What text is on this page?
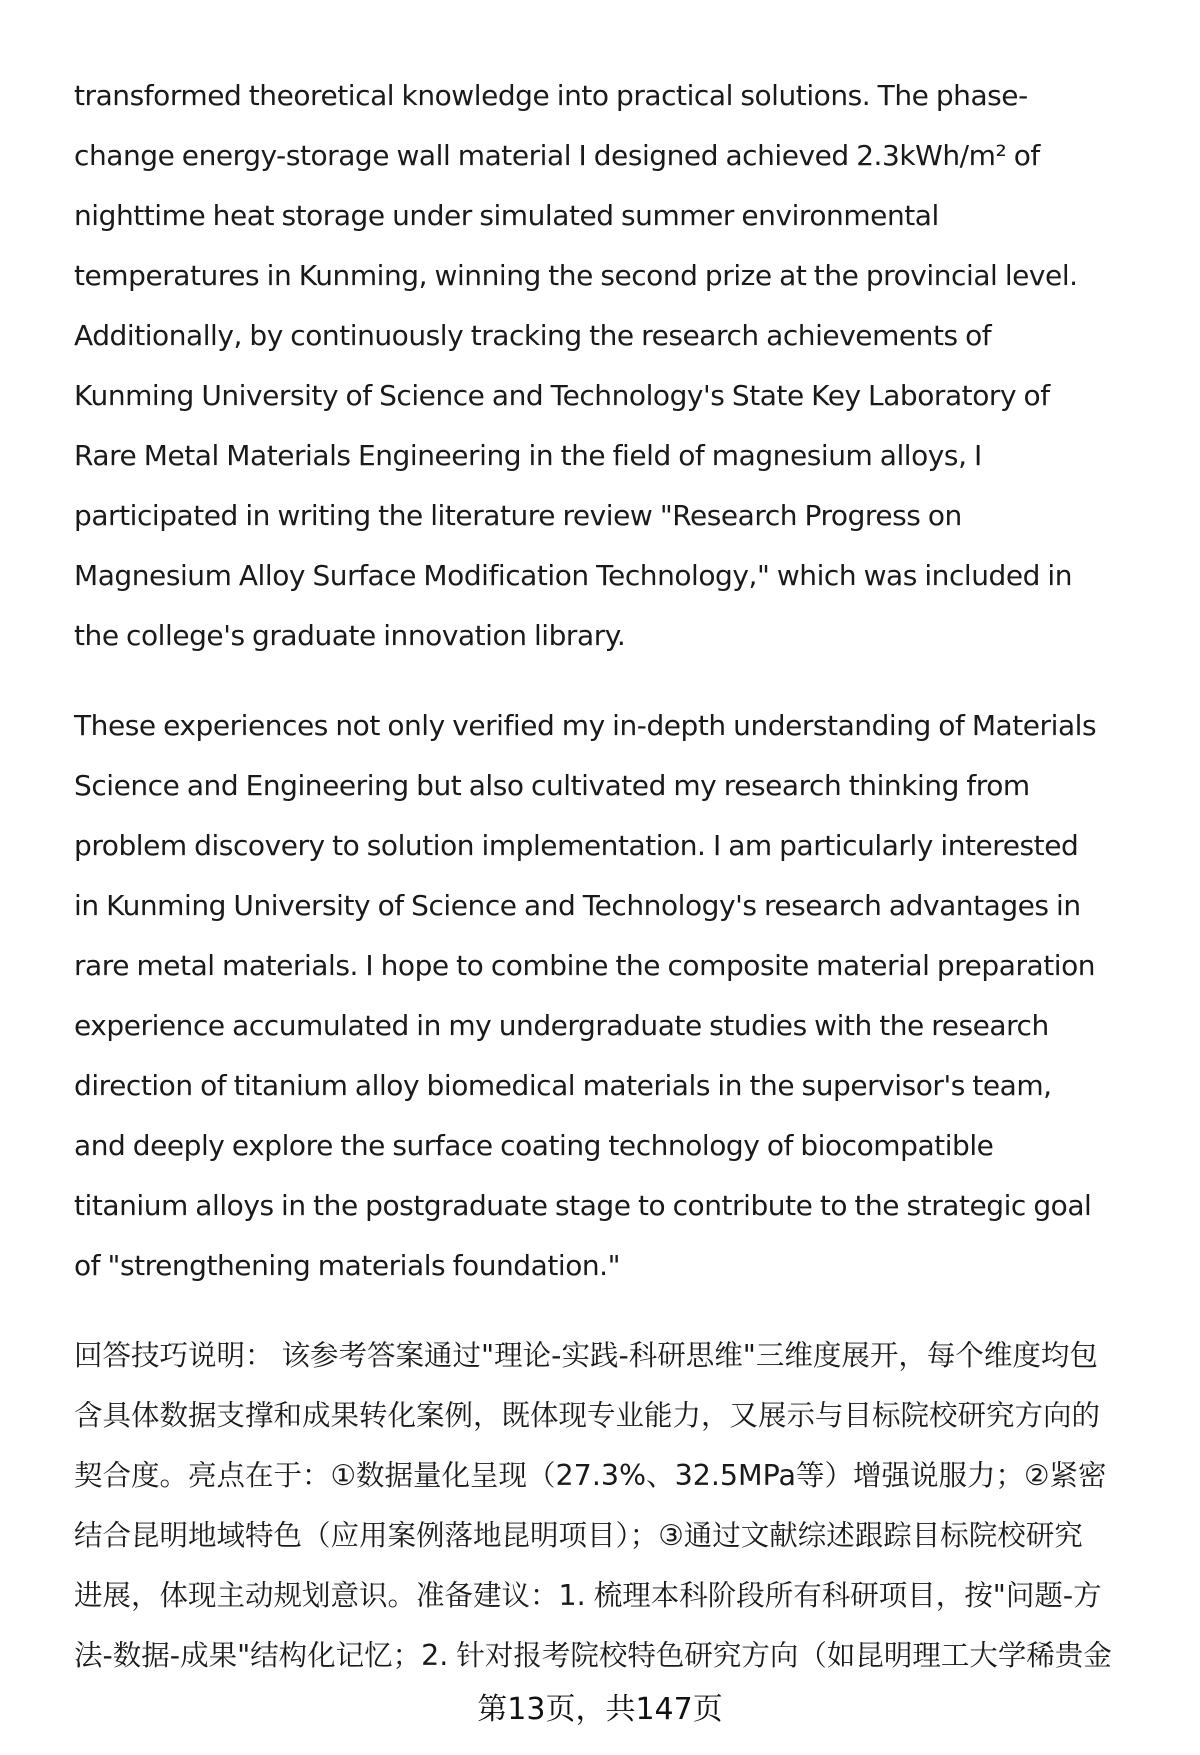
transformed theoretical knowledge into practical solutions. The phase-
change energy-storage wall material I designed achieved 2.3kWh/m² of
nighttime heat storage under simulated summer environmental
temperatures in Kunming, winning the second prize at the provincial level.
Additionally, by continuously tracking the research achievements of
Kunming University of Science and Technology's State Key Laboratory of
Rare Metal Materials Engineering in the field of magnesium alloys, I
participated in writing the literature review "Research Progress on
Magnesium Alloy Surface Modification Technology," which was included in
the college's graduate innovation library.

These experiences not only verified my in-depth understanding of Materials
Science and Engineering but also cultivated my research thinking from
problem discovery to solution implementation. I am particularly interested
in Kunming University of Science and Technology's research advantages in
rare metal materials. I hope to combine the composite material preparation
experience accumulated in my undergraduate studies with the research
direction of titanium alloy biomedical materials in the supervisor's team,
and deeply explore the surface coating technology of biocompatible
titanium alloys in the postgraduate stage to contribute to the strategic goal
of "strengthening materials foundation."

回答技巧说明： 该参考答案通过"理论-实践-科研思维"三维度展开，每个维度均包
含具体数据支撑和成果转化案例，既体现专业能力，又展示与目标院校研究方向的
契合度。亮点在于：①数据量化呈现（27.3%、32.5MPa等）增强说服力；②紧密
结合昆明地域特色（应用案例落地昆明项目）；③通过文献综述跟踪目标院校研究
进展，体现主动规划意识。准备建议：1. 梳理本科阶段所有科研项目，按"问题-方
法-数据-成果"结构化记忆；2. 针对报考院校特色研究方向（如昆明理工大学稀贵金

第13页，共147页
